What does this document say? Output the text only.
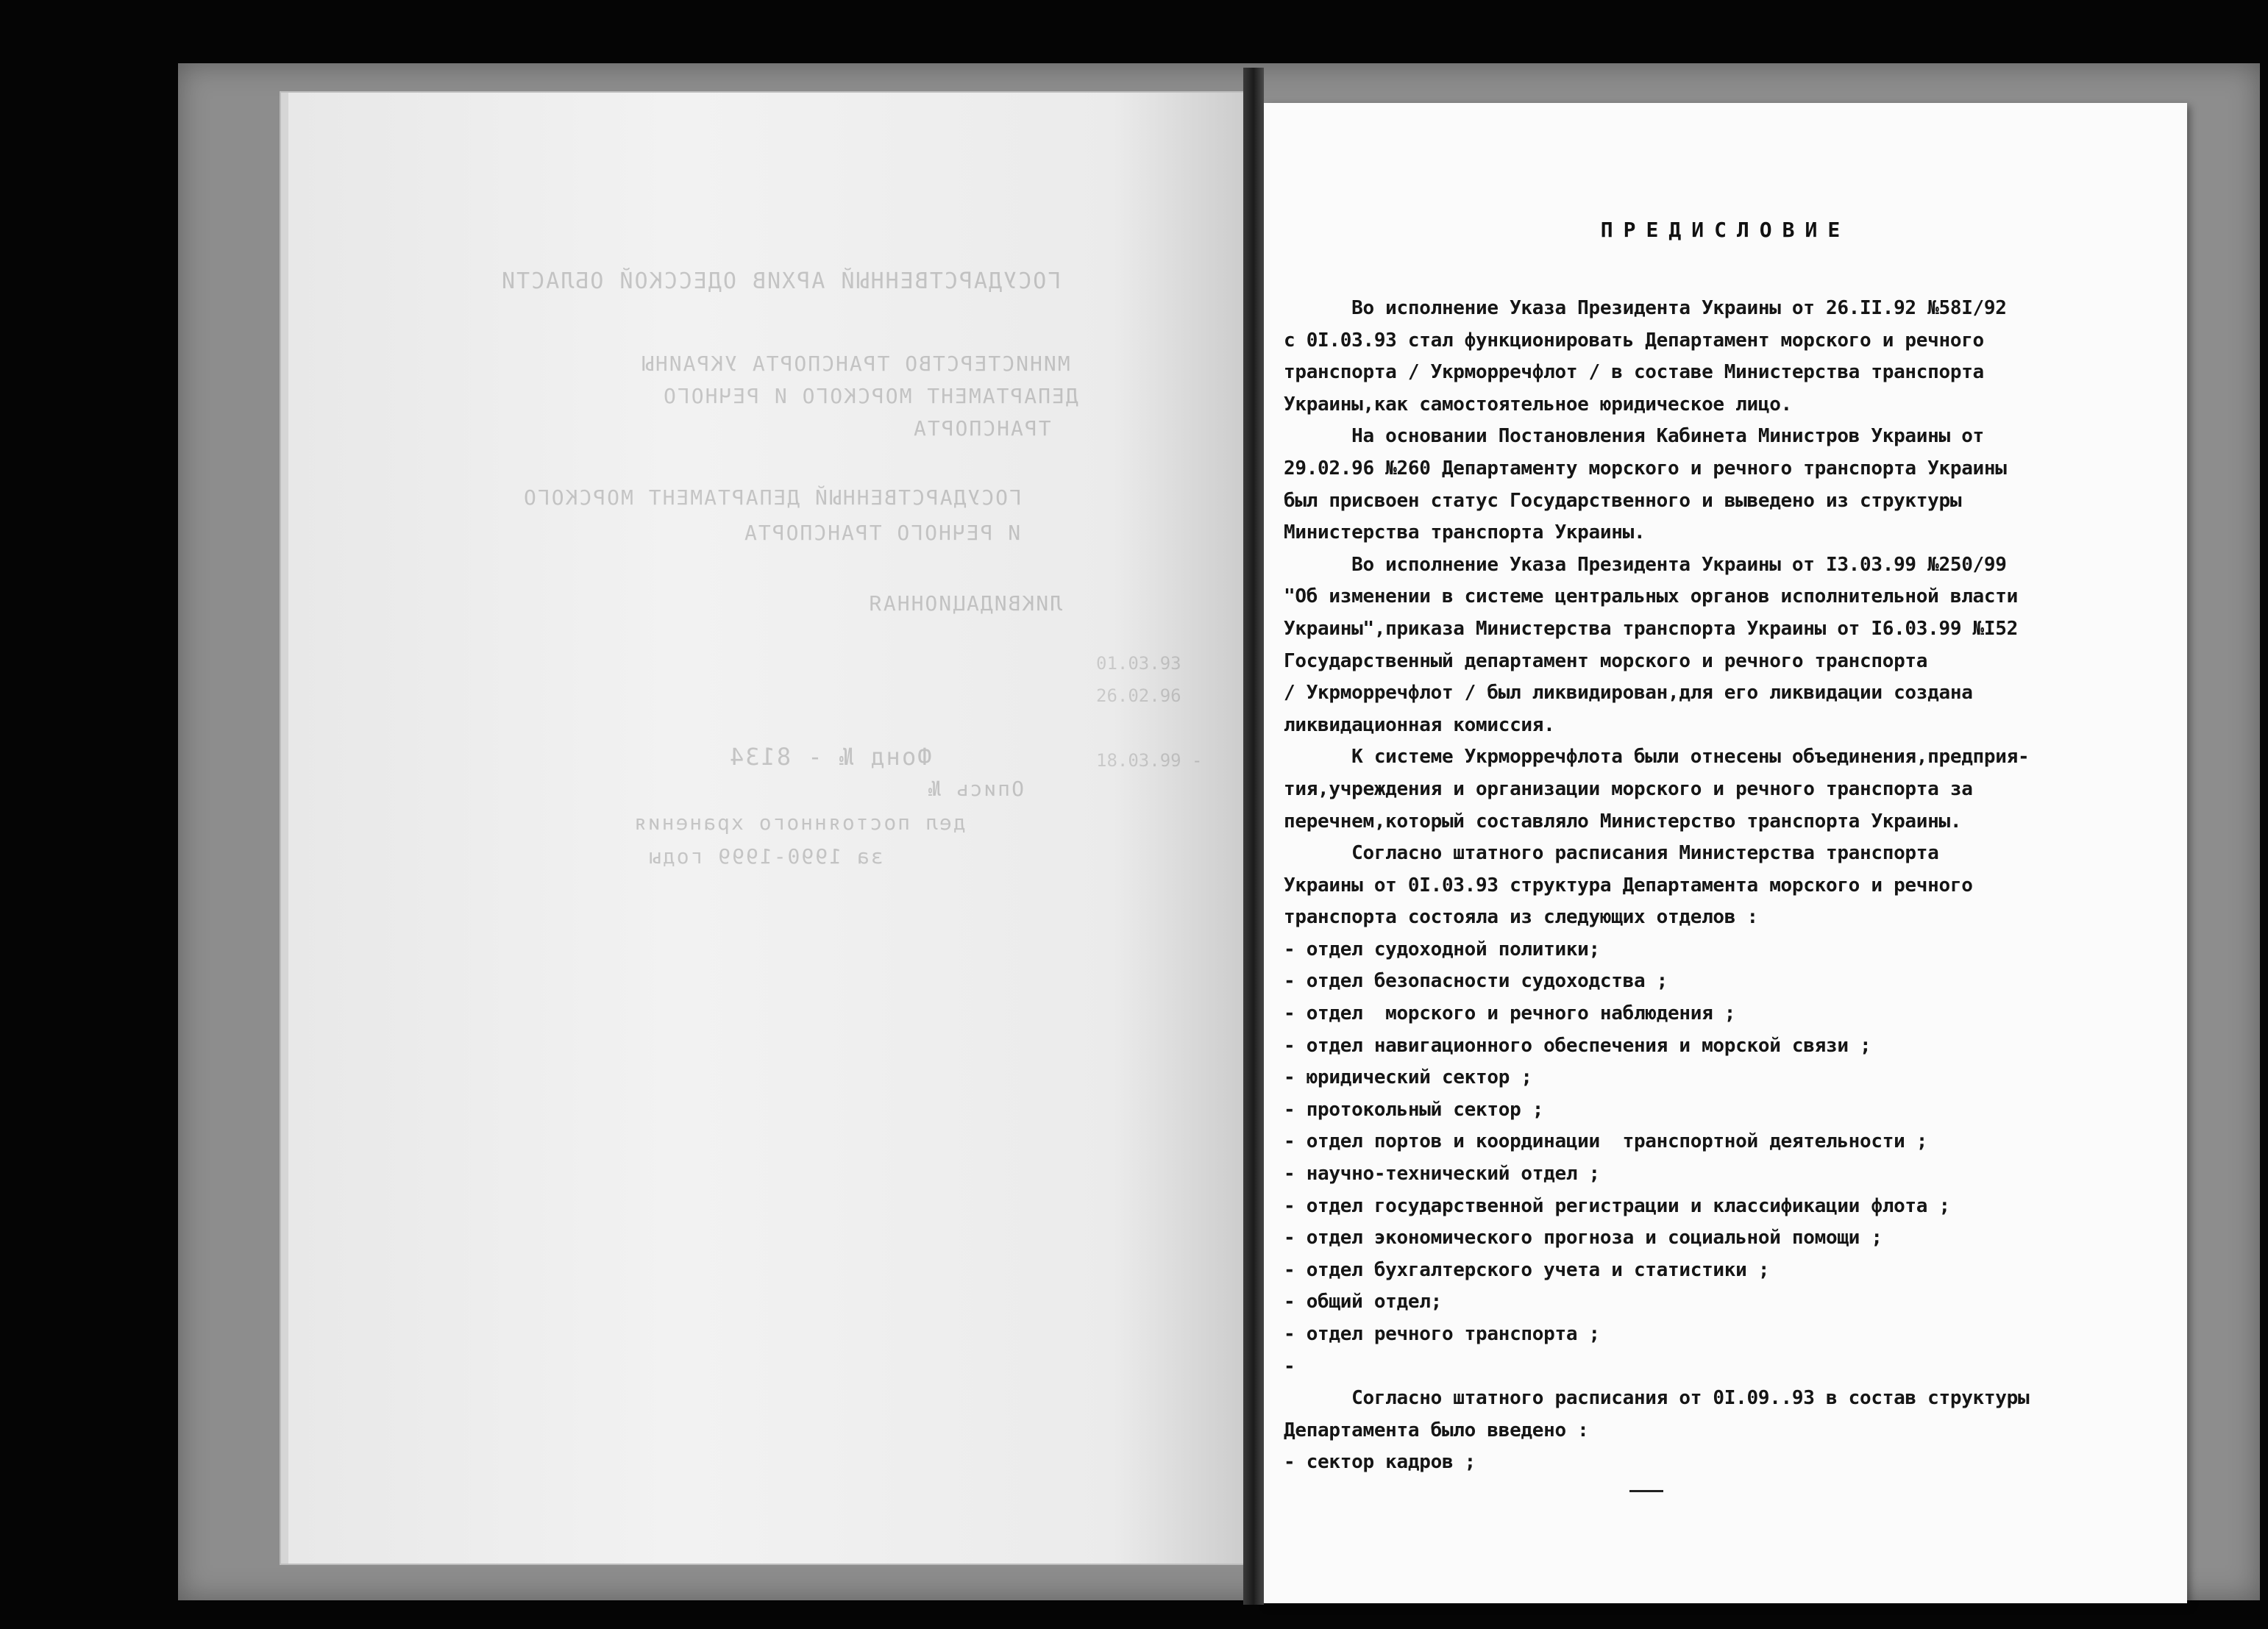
ГОСУДАРСТВЕННЫЙ АРХИВ ОДЕССКОЙ ОБЛАСТИ
МИНИСТЕРСТВО ТРАНСПОРТА УКРАИНЫ
ДЕПАРТАМЕНТ МОРСКОГО И РЕЧНОГО
ТРАНСПОРТА
ГОСУДАРСТВЕННЫЙ ДЕПАРТАМЕНТ МОРСКОГО
И РЕЧНОГО ТРАНСПОРТА
ЛИКВИДАЦИОННАЯ
Фонд № - 8134
Опись №
дел постоянного хранения
за 1990-1999 годы
01.03.93
26.02.96

18.03.99

ПРЕДИСЛОВИЕ
Во исполнение Указа Президента Украины от 26.II.92 №58I/92
с 0I.03.93 стал функционировать Департамент морского и речного
транспорта / Укрморречфлот / в составе Министерства транспорта
Украины,как самостоятельное юридическое лицо.
На основании Постановления Кабинета Министров Украины от
29.02.96 №260 Департаменту морского и речного транспорта Украины
был присвоен статус Государственного и выведено из структуры
Министерства транспорта Украины.
Во исполнение Указа Президента Украины от I3.03.99 №250/99
"Об изменении в системе центральных органов исполнительной власти
Украины",приказа Министерства транспорта Украины от I6.03.99 №I52
Государственный департамент морского и речного транспорта
/ Укрморречфлот / был ликвидирован,для его ликвидации создана
ликвидационная комиссия.
К системе Укрморречфлота были отнесены объединения,предприя-
тия,учреждения и организации морского и речного транспорта за
перечнем,который составляло Министерство транспорта Украины.
Согласно штатного расписания Министерства транспорта
Украины от 0I.03.93 структура Департамента морского и речного
транспорта состояла из следующих отделов :
- отдел судоходной политики;
- отдел безопасности судоходства ;
- отдел  морского и речного наблюдения ;
- отдел навигационного обеспечения и морской связи ;
- юридический сектор ;
- протокольный сектор ;
- отдел портов и координации  транспортной деятельности ;
- научно-технический отдел ;
- отдел государственной регистрации и классификации флота ;
- отдел экономического прогноза и социальной помощи ;
- отдел бухгалтерского учета и статистики ;
- общий отдел;
- отдел речного транспорта ;
-
Согласно штатного расписания от 0I.09..93 в состав структуры
Департамента было введено :
- сектор кадров ;
